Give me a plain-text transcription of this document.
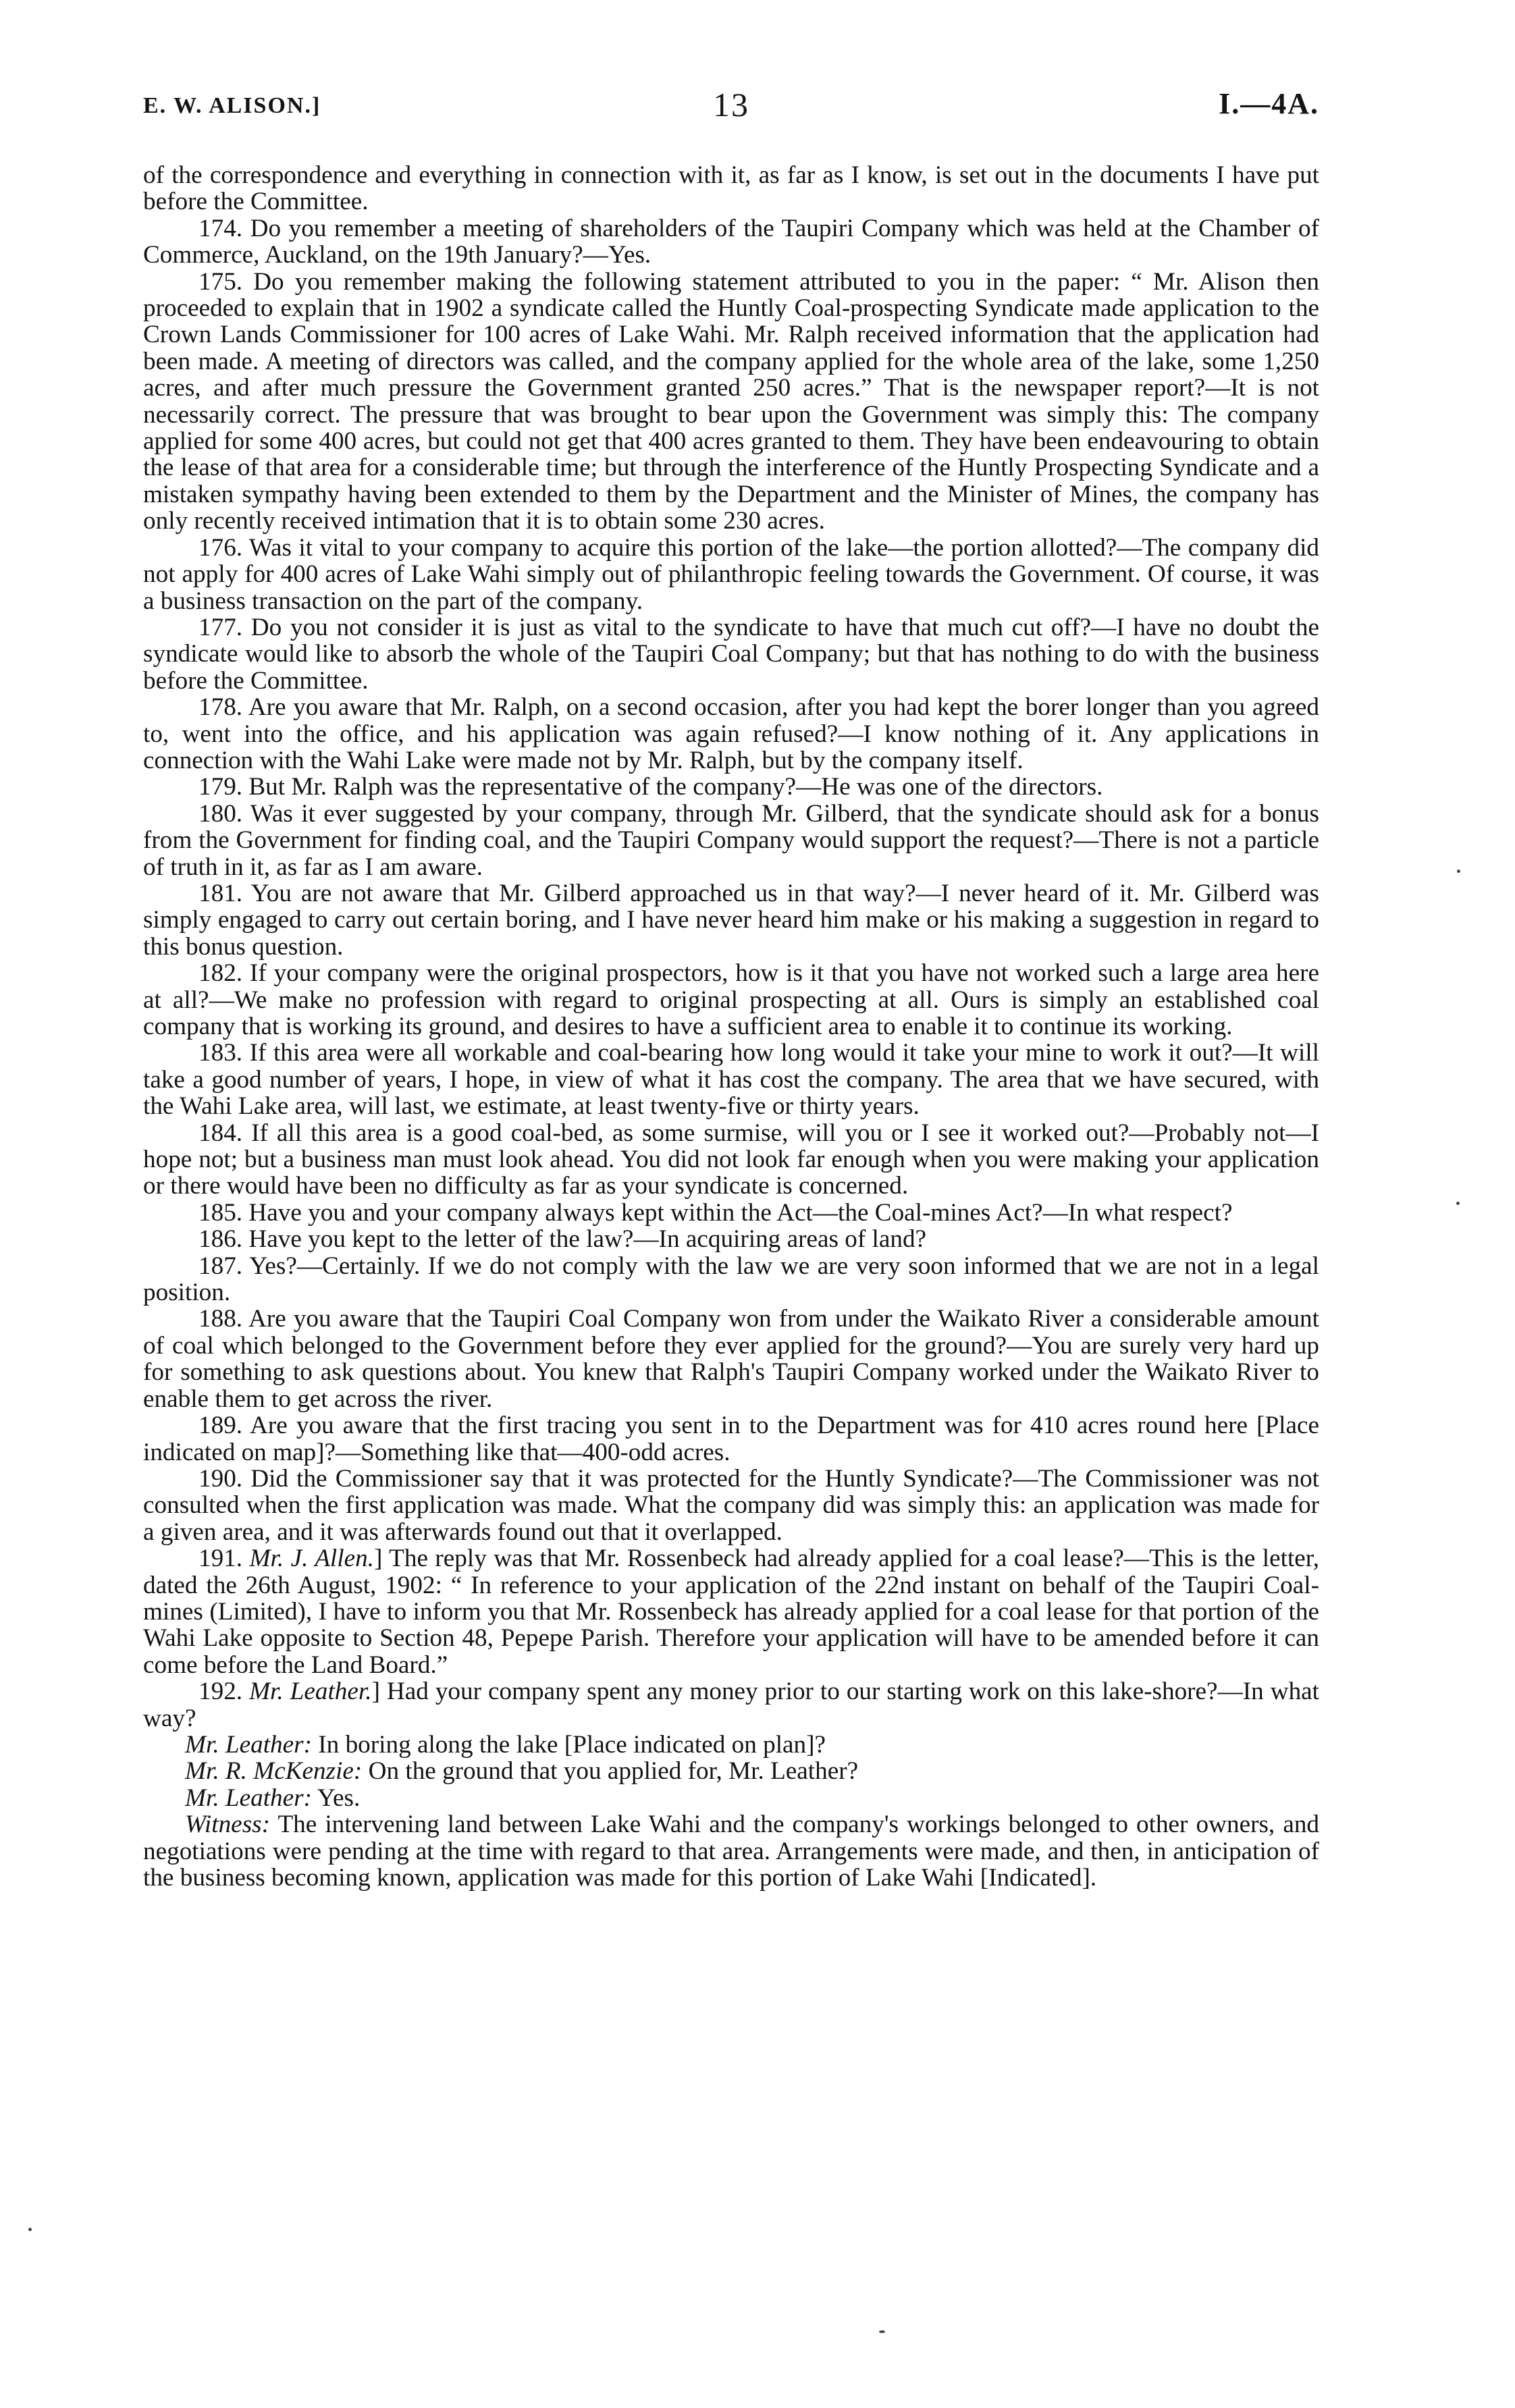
E. W. ALISON.]	13	I.—4A.

of the correspondence and everything in connection with it, as far as I know, is set out in the documents I have put before the Committee.

174. Do you remember a meeting of shareholders of the Taupiri Company which was held at the Chamber of Commerce, Auckland, on the 19th January?—Yes.

175. Do you remember making the following statement attributed to you in the paper: “ Mr. Alison then proceeded to explain that in 1902 a syndicate called the Huntly Coal-prospecting Syndicate made application to the Crown Lands Commissioner for 100 acres of Lake Wahi. Mr. Ralph received information that the application had been made. A meeting of directors was called, and the company applied for the whole area of the lake, some 1,250 acres, and after much pressure the Government granted 250 acres.” That is the newspaper report?—It is not necessarily correct. The pressure that was brought to bear upon the Government was simply this: The company applied for some 400 acres, but could not get that 400 acres granted to them. They have been endeavouring to obtain the lease of that area for a considerable time; but through the interference of the Huntly Prospecting Syndicate and a mistaken sympathy having been extended to them by the Department and the Minister of Mines, the company has only recently received intimation that it is to obtain some 230 acres.

176. Was it vital to your company to acquire this portion of the lake—the portion allotted?—The company did not apply for 400 acres of Lake Wahi simply out of philanthropic feeling towards the Government. Of course, it was a business transaction on the part of the company.

177. Do you not consider it is just as vital to the syndicate to have that much cut off?—I have no doubt the syndicate would like to absorb the whole of the Taupiri Coal Company; but that has nothing to do with the business before the Committee.

178. Are you aware that Mr. Ralph, on a second occasion, after you had kept the borer longer than you agreed to, went into the office, and his application was again refused?—I know nothing of it. Any applications in connection with the Wahi Lake were made not by Mr. Ralph, but by the company itself.

179. But Mr. Ralph was the representative of the company?—He was one of the directors.

180. Was it ever suggested by your company, through Mr. Gilberd, that the syndicate should ask for a bonus from the Government for finding coal, and the Taupiri Company would support the request?—There is not a particle of truth in it, as far as I am aware.

181. You are not aware that Mr. Gilberd approached us in that way?—I never heard of it. Mr. Gilberd was simply engaged to carry out certain boring, and I have never heard him make or his making a suggestion in regard to this bonus question.

182. If your company were the original prospectors, how is it that you have not worked such a large area here at all?—We make no profession with regard to original prospecting at all. Ours is simply an established coal company that is working its ground, and desires to have a sufficient area to enable it to continue its working.

183. If this area were all workable and coal-bearing how long would it take your mine to work it out?—It will take a good number of years, I hope, in view of what it has cost the company. The area that we have secured, with the Wahi Lake area, will last, we estimate, at least twenty-five or thirty years.

184. If all this area is a good coal-bed, as some surmise, will you or I see it worked out?—Probably not—I hope not; but a business man must look ahead. You did not look far enough when you were making your application or there would have been no difficulty as far as your syndicate is concerned.

185. Have you and your company always kept within the Act—the Coal-mines Act?—In what respect?

186. Have you kept to the letter of the law?—In acquiring areas of land?

187. Yes?—Certainly. If we do not comply with the law we are very soon informed that we are not in a legal position.

188. Are you aware that the Taupiri Coal Company won from under the Waikato River a considerable amount of coal which belonged to the Government before they ever applied for the ground?—You are surely very hard up for something to ask questions about. You knew that Ralph's Taupiri Company worked under the Waikato River to enable them to get across the river.

189. Are you aware that the first tracing you sent in to the Department was for 410 acres round here [Place indicated on map]?—Something like that—400-odd acres.

190. Did the Commissioner say that it was protected for the Huntly Syndicate?—The Commissioner was not consulted when the first application was made. What the company did was simply this: an application was made for a given area, and it was afterwards found out that it overlapped.

191. Mr. J. Allen.] The reply was that Mr. Rossenbeck had already applied for a coal lease?—This is the letter, dated the 26th August, 1902: “ In reference to your application of the 22nd instant on behalf of the Taupiri Coal-mines (Limited), I have to inform you that Mr. Rossenbeck has already applied for a coal lease for that portion of the Wahi Lake opposite to Section 48, Pepepe Parish. Therefore your application will have to be amended before it can come before the Land Board.”

192. Mr. Leather.] Had your company spent any money prior to our starting work on this lake-shore?—In what way?

Mr. Leather: In boring along the lake [Place indicated on plan]?

Mr. R. McKenzie: On the ground that you applied for, Mr. Leather?

Mr. Leather: Yes.

Witness: The intervening land between Lake Wahi and the company's workings belonged to other owners, and negotiations were pending at the time with regard to that area. Arrangements were made, and then, in anticipation of the business becoming known, application was made for this portion of Lake Wahi [Indicated].
